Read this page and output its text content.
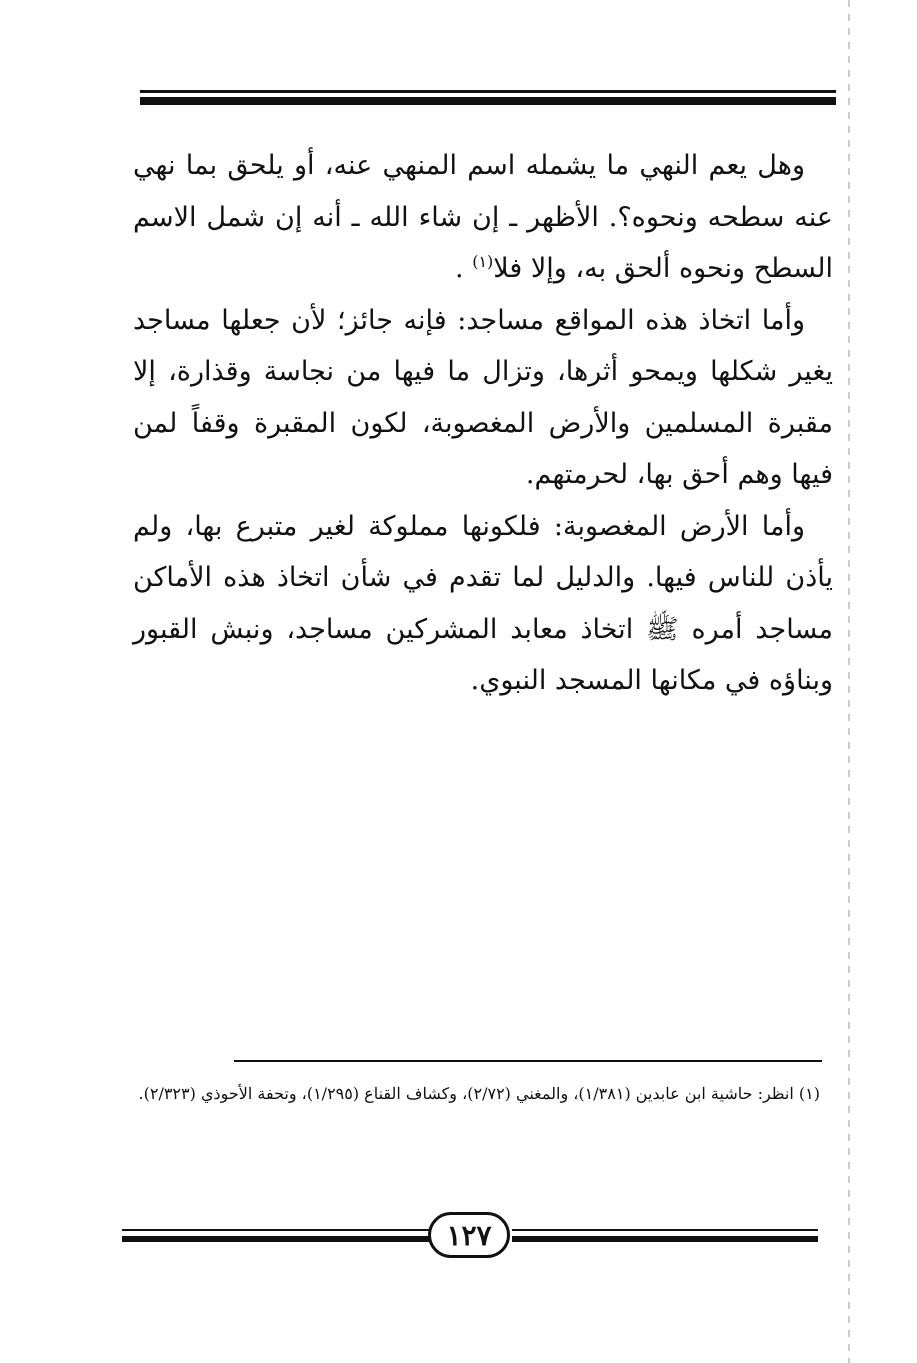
وهل يعم النهي ما يشمله اسم المنهي عنه، أو يلحق بما نهي عنه سطحه ونحوه؟. الأظهر ـ إن شاء الله ـ أنه إن شمل الاسم السطح ونحوه ألحق به، وإلا فلا$^{(١)}$ .

وأما اتخاذ هذه المواقع مساجد: فإنه جائز؛ لأن جعلها مساجد يغير شكلها ويمحو أثرها، وتزال ما فيها من نجاسة وقذارة، إلا مقبرة المسلمين والأرض المغصوبة، لكون المقبرة وقفاً لمن فيها وهم أحق بها، لحرمتهم.

وأما الأرض المغصوبة: فلكونها مملوكة لغير متبرع بها، ولم يأذن للناس فيها. والدليل لما تقدم في شأن اتخاذ هذه الأماكن مساجد أمره ﷺ اتخاذ معابد المشركين مساجد، ونبش القبور وبناؤه في مكانها المسجد النبوي.

(١) انظر: حاشية ابن عابدين (١/٣٨١)، والمغني (٢/٧٢)، وكشاف القناع (١/٢٩٥)، وتحفة الأحوذي (٢/٣٢٣).

١٢٧
